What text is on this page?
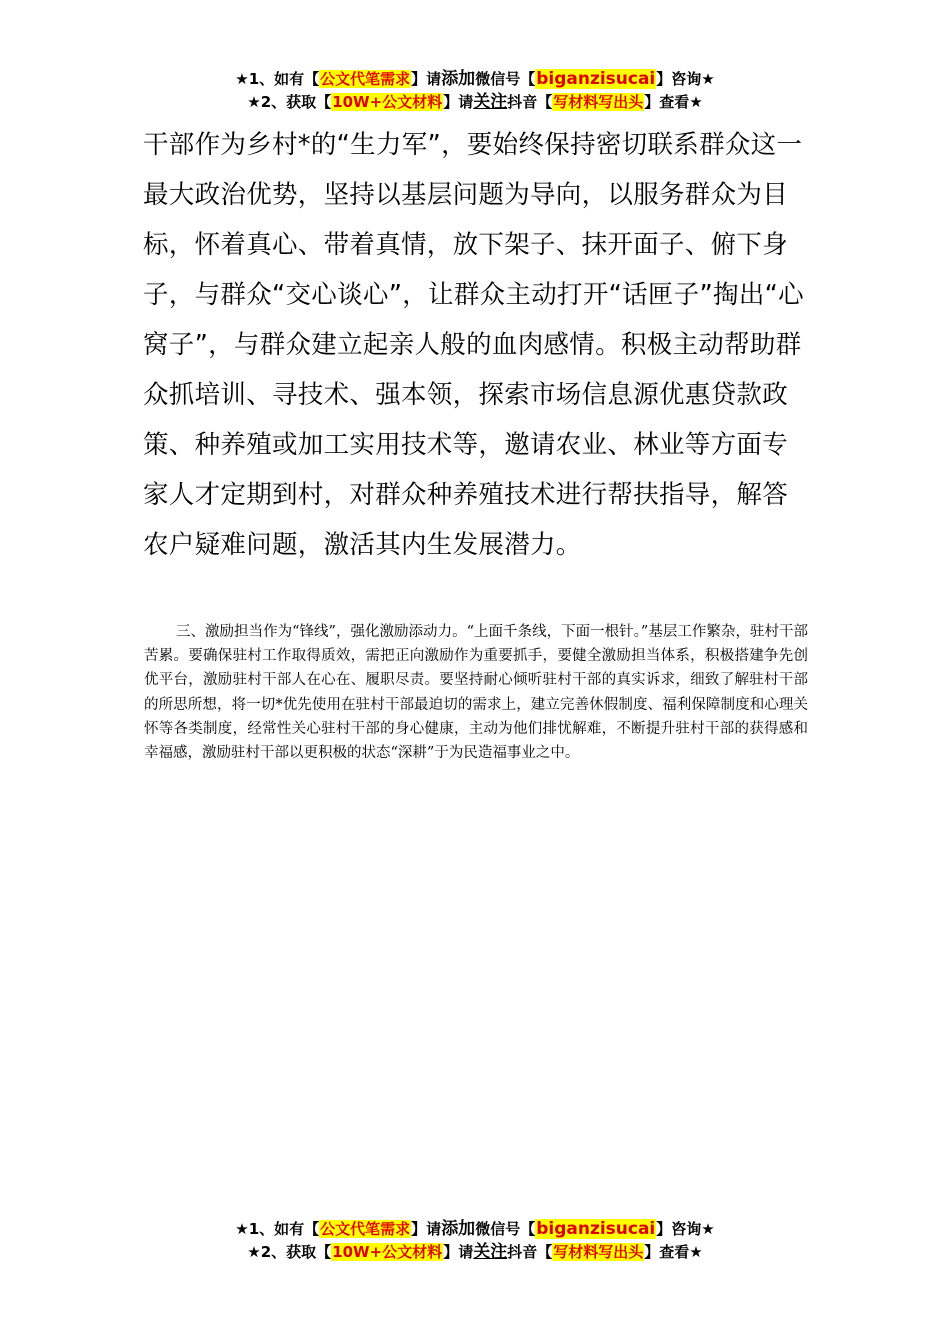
★1、如有【公文代笔需求】请添加微信号【biganzisucai】咨询★
★2、获取【10W+公文材料】请关注抖音【写材料写出头】查看★

干部作为乡村*的“生力军”，要始终保持密切联系群众这一最大政治优势，坚持以基层问题为导向，以服务群众为目标，怀着真心、带着真情，放下架子、抹开面子、俯下身子，与群众“交心谈心”，让群众主动打开“话匣子”掏出“心窝子”，与群众建立起亲人般的血肉感情。积极主动帮助群众抓培训、寻技术、强本领，探索市场信息源优惠贷款政策、种养殖或加工实用技术等，邀请农业、林业等方面专家人才定期到村，对群众种养殖技术进行帮扶指导，解答农户疑难问题，激活其内生发展潜力。

三、激励担当作为“锋线”，强化激励添动力。“上面千条线，下面一根针。”基层工作繁杂，驻村干部苦累。要确保驻村工作取得质效，需把正向激励作为重要抓手，要健全激励担当体系，积极搭建争先创优平台，激励驻村干部人在心在、履职尽责。要坚持耐心倾听驻村干部的真实诉求，细致了解驻村干部的所思所想，将一切*优先使用在驻村干部最迫切的需求上，建立完善休假制度、福利保障制度和心理关怀等各类制度，经常性关心驻村干部的身心健康，主动为他们排忧解难，不断提升驻村干部的获得感和幸福感，激励驻村干部以更积极的状态“深耕”于为民造福事业之中。

★1、如有【公文代笔需求】请添加微信号【biganzisucai】咨询★
★2、获取【10W+公文材料】请关注抖音【写材料写出头】查看★
